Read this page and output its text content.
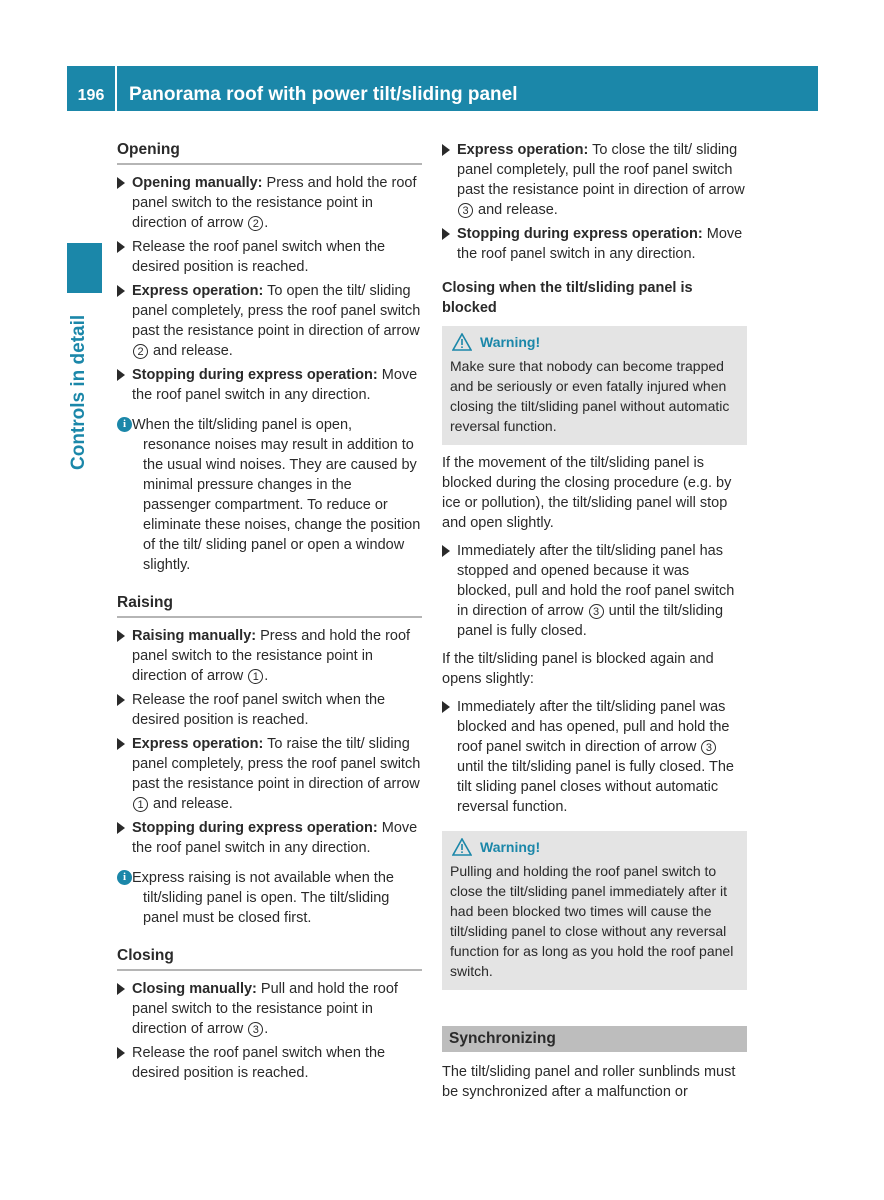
196	Panorama roof with power tilt/sliding panel
Controls in detail
Opening
Opening manually: Press and hold the roof panel switch to the resistance point in direction of arrow 2 .
Release the roof panel switch when the desired position is reached.
Express operation: To open the tilt/ sliding panel completely, press the roof panel switch past the resistance point in direction of arrow 2 and release.
Stopping during express operation: Move the roof panel switch in any direction.
i When the tilt/sliding panel is open, resonance noises may result in addition to the usual wind noises. They are caused by minimal pressure changes in the passenger compartment. To reduce or eliminate these noises, change the position of the tilt/ sliding panel or open a window slightly.
Raising
Raising manually: Press and hold the roof panel switch to the resistance point in direction of arrow 1 .
Release the roof panel switch when the desired position is reached.
Express operation: To raise the tilt/ sliding panel completely, press the roof panel switch past the resistance point in direction of arrow 1 and release.
Stopping during express operation: Move the roof panel switch in any direction.
i Express raising is not available when the tilt/sliding panel is open. The tilt/sliding panel must be closed first.
Closing
Closing manually: Pull and hold the roof panel switch to the resistance point in direction of arrow 3 .
Release the roof panel switch when the desired position is reached.
Express operation: To close the tilt/ sliding panel completely, pull the roof panel switch past the resistance point in direction of arrow 3 and release.
Stopping during express operation: Move the roof panel switch in any direction.
Closing when the tilt/sliding panel is blocked
Warning!
Make sure that nobody can become trapped and be seriously or even fatally injured when closing the tilt/sliding panel without automatic reversal function.
If the movement of the tilt/sliding panel is blocked during the closing procedure (e.g. by ice or pollution), the tilt/sliding panel will stop and open slightly.
Immediately after the tilt/sliding panel has stopped and opened because it was blocked, pull and hold the roof panel switch in direction of arrow 3 until the tilt/sliding panel is fully closed.
If the tilt/sliding panel is blocked again and opens slightly:
Immediately after the tilt/sliding panel was blocked and has opened, pull and hold the roof panel switch in direction of arrow 3 until the tilt/sliding panel is fully closed. The tilt sliding panel closes without automatic reversal function.
Warning!
Pulling and holding the roof panel switch to close the tilt/sliding panel immediately after it had been blocked two times will cause the tilt/sliding panel to close without any reversal function for as long as you hold the roof panel switch.
Synchronizing
The tilt/sliding panel and roller sunblinds must be synchronized after a malfunction or
